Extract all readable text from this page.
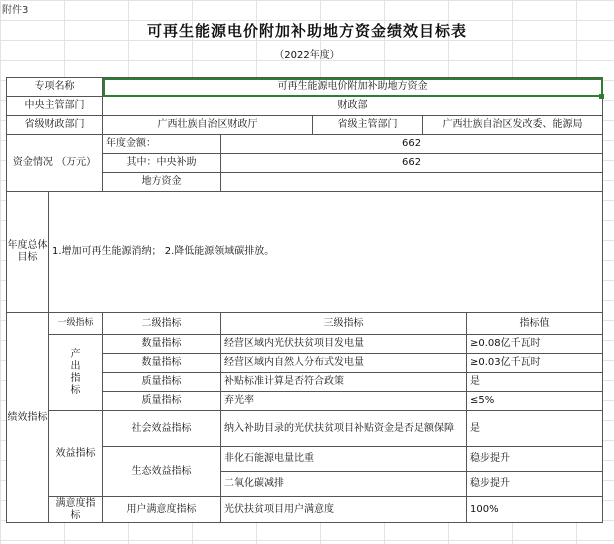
附件3
可再生能源电价附加补助地方资金绩效目标表
（2022年度）
专项名称		可再生能源电价附加补助地方资金				
中央主管部门		财政部				
省级财政部门		广西壮族自治区财政厅		省级主管部门	广西壮族自治区发改委、能源局	
资金情况 （万元）		年度金额：	662			
		其中：中央补助	662			
		地方资金				
年度总体目标	1.增加可再生能源消纳； 2.降低能源领域碳排放。					
绩效指标	一级指标	二级指标	三级指标			指标值
	产出指标	数量指标	经营区域内光伏扶贫项目发电量			≥0.08亿千瓦时
		数量指标	经营区域内自然人分布式发电量			≥0.03亿千瓦时
		质量指标	补贴标准计算是否符合政策			是
		质量指标	弃光率			≤5%
	效益指标	社会效益指标	纳入补助目录的光伏扶贫项目补贴资金是否足额保障			是
		生态效益指标	非化石能源电量比重			稳步提升
			二氧化碳减排			稳步提升
	满意度指标	用户满意度指标	光伏扶贫项目用户满意度			100%
